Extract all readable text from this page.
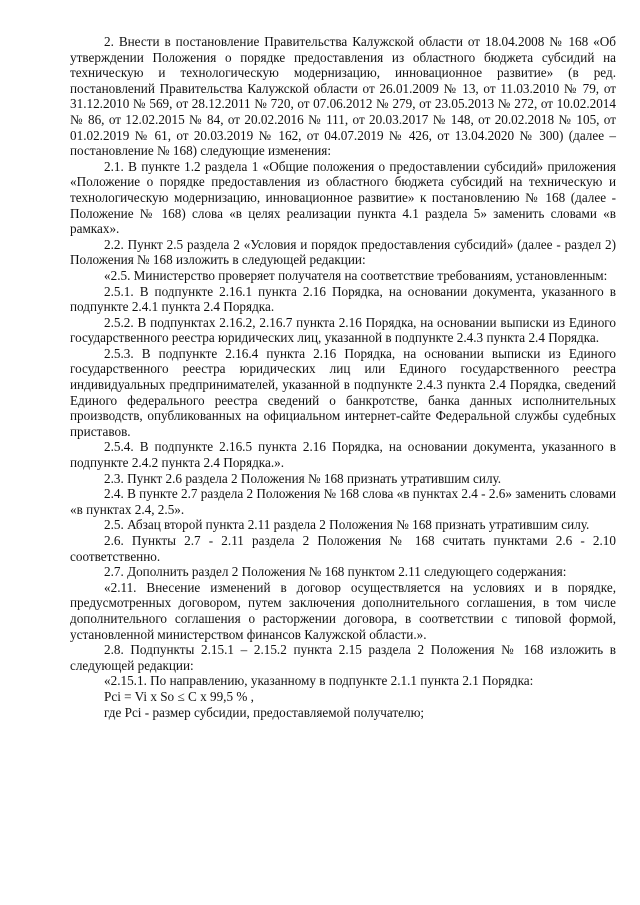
2. Внести в постановление Правительства Калужской области от 18.04.2008 № 168 «Об утверждении Положения о порядке предоставления из областного бюджета субсидий на техническую и технологическую модернизацию, инновационное развитие» (в ред. постановлений Правительства Калужской области от 26.01.2009 № 13, от 11.03.2010 № 79, от 31.12.2010 № 569, от 28.12.2011 № 720, от 07.06.2012 № 279, от 23.05.2013 № 272, от 10.02.2014 № 86, от 12.02.2015 № 84, от 20.02.2016 № 111, от 20.03.2017 № 148, от 20.02.2018 № 105, от 01.02.2019 № 61, от 20.03.2019 № 162, от 04.07.2019 № 426, от 13.04.2020 № 300) (далее – постановление № 168) следующие изменения:

2.1. В пункте 1.2 раздела 1 «Общие положения о предоставлении субсидий» приложения «Положение о порядке предоставления из областного бюджета субсидий на техническую и технологическую модернизацию, инновационное развитие» к постановлению № 168 (далее - Положение № 168) слова «в целях реализации пункта 4.1 раздела 5» заменить словами «в рамках».

2.2. Пункт 2.5 раздела 2 «Условия и порядок предоставления субсидий» (далее - раздел 2) Положения № 168 изложить в следующей редакции:

«2.5. Министерство проверяет получателя на соответствие требованиям, установленным:

2.5.1. В подпункте 2.16.1 пункта 2.16 Порядка, на основании документа, указанного в подпункте 2.4.1 пункта 2.4 Порядка.

2.5.2. В подпунктах 2.16.2, 2.16.7 пункта 2.16 Порядка, на основании выписки из Единого государственного реестра юридических лиц, указанной в подпункте 2.4.3 пункта 2.4 Порядка.

2.5.3. В подпункте 2.16.4 пункта 2.16 Порядка, на основании выписки из Единого государственного реестра юридических лиц или Единого государственного реестра индивидуальных предпринимателей, указанной в подпункте 2.4.3 пункта 2.4 Порядка, сведений Единого федерального реестра сведений о банкротстве, банка данных исполнительных производств, опубликованных на официальном интернет-сайте Федеральной службы судебных приставов.

2.5.4. В подпункте 2.16.5 пункта 2.16 Порядка, на основании документа, указанного в подпункте 2.4.2 пункта 2.4 Порядка.».

2.3. Пункт 2.6 раздела 2 Положения № 168 признать утратившим силу.

2.4. В пункте 2.7 раздела 2 Положения № 168 слова «в пунктах 2.4 - 2.6» заменить словами «в пунктах 2.4, 2.5».

2.5. Абзац второй пункта 2.11 раздела 2 Положения № 168 признать утратившим силу.

2.6. Пункты 2.7 - 2.11 раздела 2 Положения № 168 считать пунктами 2.6 - 2.10 соответственно.

2.7. Дополнить раздел 2 Положения № 168 пунктом 2.11 следующего содержания:

«2.11. Внесение изменений в договор осуществляется на условиях и в порядке, предусмотренных договором, путем заключения дополнительного соглашения, в том числе дополнительного соглашения о расторжении договора, в соответствии с типовой формой, установленной министерством финансов Калужской области.».

2.8. Подпункты 2.15.1 – 2.15.2 пункта 2.15 раздела 2 Положения № 168 изложить в следующей редакции:

«2.15.1. По направлению, указанному в подпункте 2.1.1 пункта 2.1 Порядка:

Pci = Vi x So ≤ C x 99,5 % ,

где Pci - размер субсидии, предоставляемой получателю;
